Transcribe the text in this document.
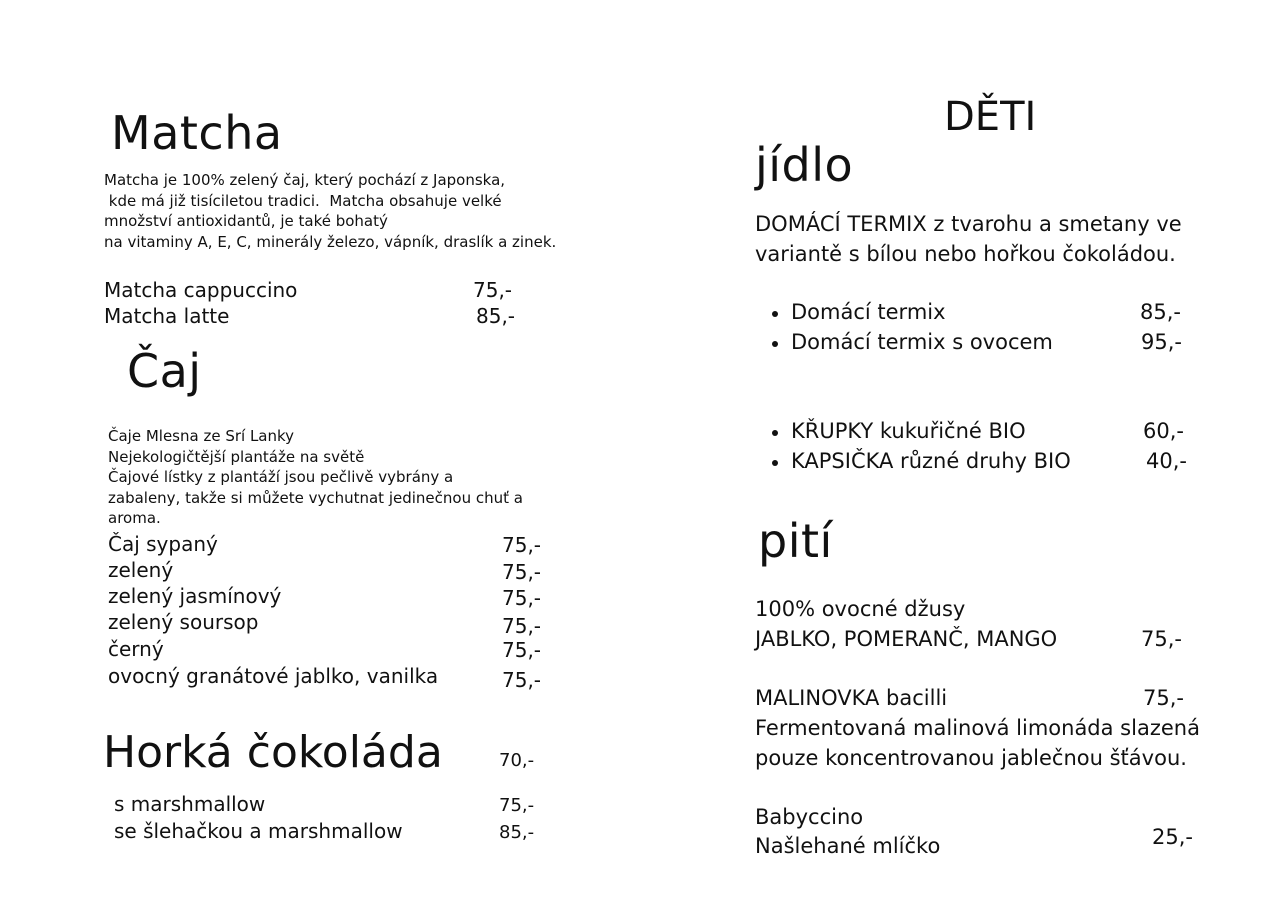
Matcha
Matcha je 100% zelený čaj, který pochází z Japonska,
kde má již tisíciletou tradici.  Matcha obsahuje velké
množství antioxidantů, je také bohatý
na vitaminy A, E, C, minerály železo, vápník, draslík a zinek.
Matcha cappuccino	75,-
Matcha latte	85,-
Čaj
Čaje Mlesna ze Srí Lanky
Nejekologičtější plantáže na světě
Čajové lístky z plantáží jsou pečlivě vybrány a
zabaleny, takže si můžete vychutnat jedinečnou chuť a
aroma.
Čaj sypaný	75,-
zelený	75,-
zelený jasmínový	75,-
zelený soursop	75,-
černý	75,-
ovocný granátové jablko, vanilka	75,-
Horká čokoláda	70,-
s marshmallow	75,-
se šlehačkou a marshmallow	85,-
DĚTI
jídlo
DOMÁCÍ TERMIX z tvarohu a smetany ve
variantě s bílou nebo hořkou čokoládou.
Domácí termix	85,-
Domácí termix s ovocem	95,-
KŘUPKY kukuřičné BIO	60,-
KAPSIČKA různé druhy BIO	40,-
pití
100% ovocné džusy
JABLKO, POMERANČ, MANGO	75,-
MALINOVKA bacilli	75,-
Fermentovaná malinová limonáda slazená
pouze koncentrovanou jablečnou šťávou.
Babyccino
Našlehané mlíčko	25,-
